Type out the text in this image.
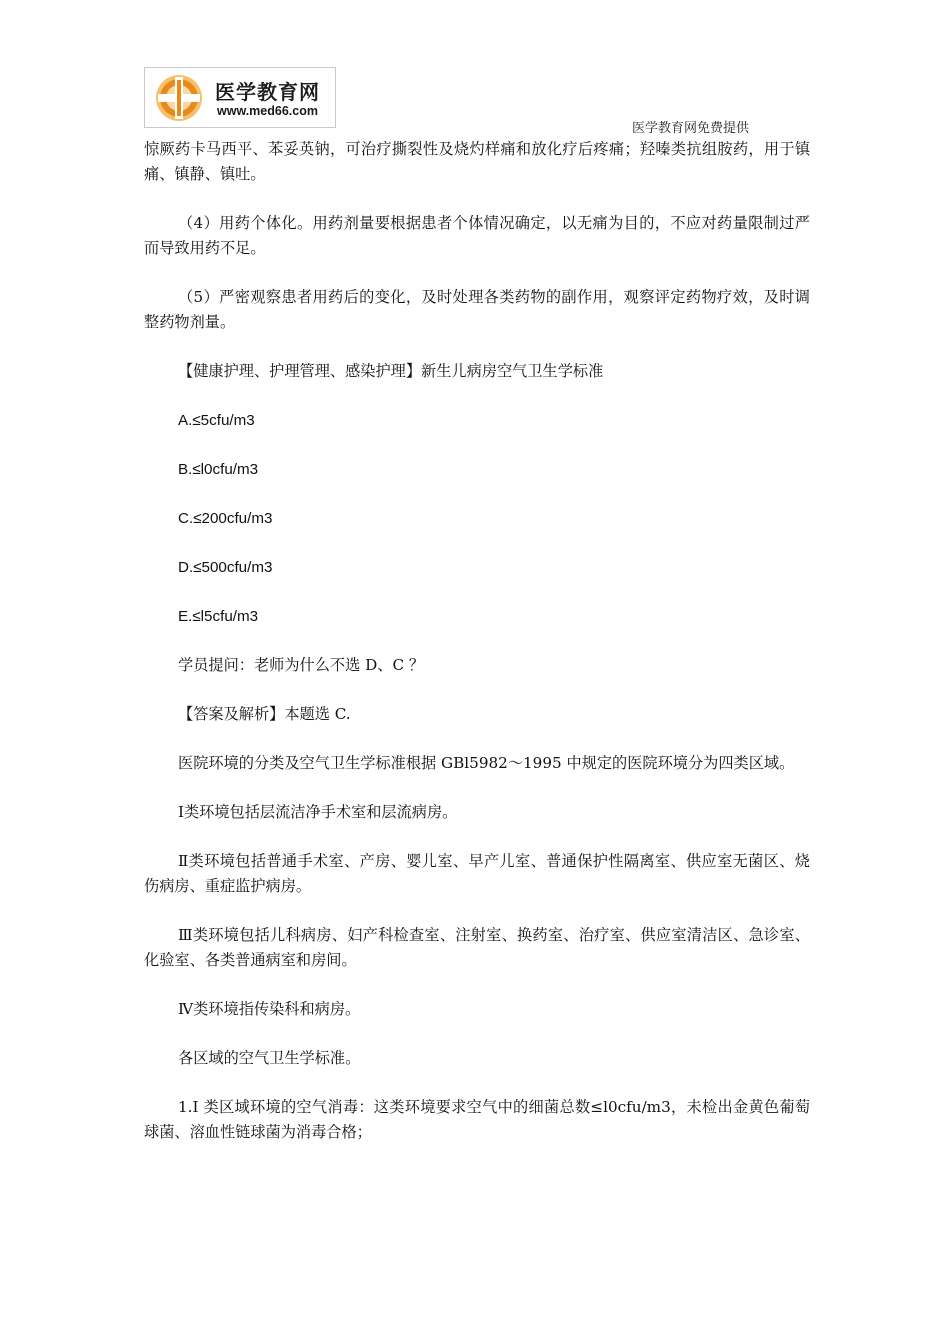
医学教育网
www.med66.com
医学教育网免费提供

惊厥药卡马西平、苯妥英钠，可治疗撕裂性及烧灼样痛和放化疗后疼痛；羟嗪类抗组胺药，用于镇痛、镇静、镇吐。

（4）用药个体化。用药剂量要根据患者个体情况确定，以无痛为目的，不应对药量限制过严而导致用药不足。

（5）严密观察患者用药后的变化，及时处理各类药物的副作用，观察评定药物疗效，及时调整药物剂量。

【健康护理、护理管理、感染护理】新生儿病房空气卫生学标准

A.≤5cfu/m3

B.≤l0cfu/m3

C.≤200cfu/m3

D.≤500cfu/m3

E.≤l5cfu/m3

学员提问：老师为什么不选 D、C ？

【答案及解析】本题选 C.

医院环境的分类及空气卫生学标准根据 GBl5982～1995 中规定的医院环境分为四类区域。

Ⅰ类环境包括层流洁净手术室和层流病房。

Ⅱ类环境包括普通手术室、产房、婴儿室、早产儿室、普通保护性隔离室、供应室无菌区、烧伤病房、重症监护病房。

Ⅲ类环境包括儿科病房、妇产科检查室、注射室、换药室、治疗室、供应室清洁区、急诊室、化验室、各类普通病室和房间。

Ⅳ类环境指传染科和病房。

各区域的空气卫生学标准。

1.I 类区域环境的空气消毒：这类环境要求空气中的细菌总数≤l0cfu/m3，未检出金黄色葡萄球菌、溶血性链球菌为消毒合格；
